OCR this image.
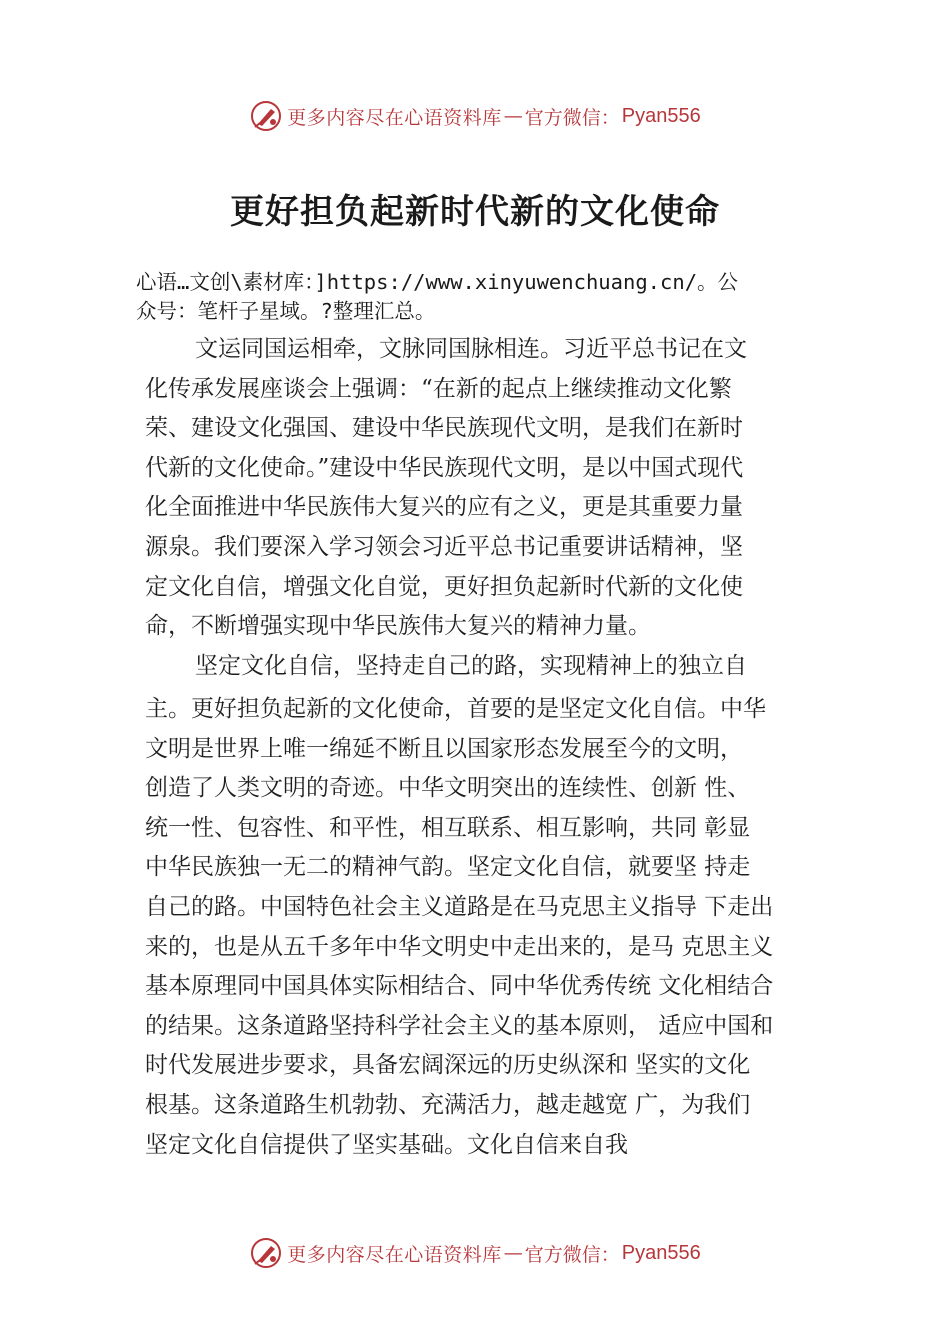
更多内容尽在心语资料库 — 官方微信： Pyan556
更好担负起新时代新的文化使命
心语…文创\素材库：]https://www.xinyuwenchuang.cn/。公
众号：笔杆子星域。?整理汇总。
文运同国运相牵，文脉同国脉相连。习近平总书记在文
化传承发展座谈会上强调：“在新的起点上继续推动文化繁
荣、建设文化强国、建设中华民族现代文明，是我们在新时
代新的文化使命。”建设中华民族现代文明，是以中国式现代
化全面推进中华民族伟大复兴的应有之义，更是其重要力量
源泉。我们要深入学习领会习近平总书记重要讲话精神，坚
定文化自信，增强文化自觉，更好担负起新时代新的文化使
命，不断增强实现中华民族伟大复兴的精神力量。
坚定文化自信，坚持走自己的路，实现精神上的独立自
主。更好担负起新的文化使命，首要的是坚定文化自信。中华
文明是世界上唯一绵延不断且以国家形态发展至今的文明，
创造了人类文明的奇迹。中华文明突出的连续性、创新 性、
统一性、包容性、和平性，相互联系、相互影响，共同 彰显
中华民族独一无二的精神气韵。坚定文化自信，就要坚 持走
自己的路。中国特色社会主义道路是在马克思主义指导 下走出
来的，也是从五千多年中华文明史中走出来的，是马 克思主义
基本原理同中国具体实际相结合、同中华优秀传统 文化相结合
的结果。这条道路坚持科学社会主义的基本原则， 适应中国和
时代发展进步要求，具备宏阔深远的历史纵深和 坚实的文化
根基。这条道路生机勃勃、充满活力，越走越宽 广，为我们
坚定文化自信提供了坚实基础。文化自信来自我
更多内容尽在心语资料库 — 官方微信： Pyan556
